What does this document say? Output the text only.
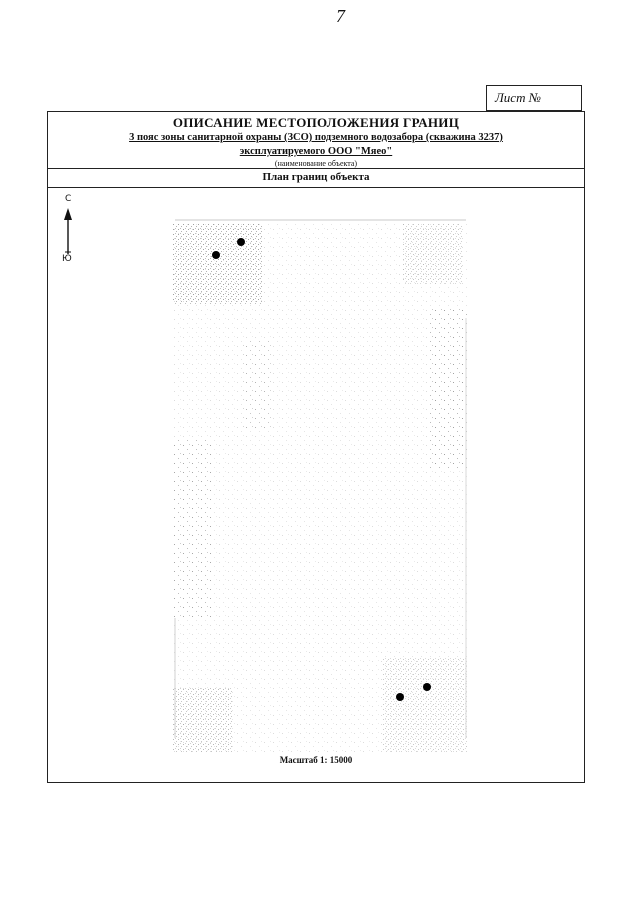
7
Лист №
ОПИСАНИЕ МЕСТОПОЛОЖЕНИЯ ГРАНИЦ
3 пояс зоны санитарной охраны (ЗСО) подземного водозабора (скважина 3237)
эксплуатируемого ООО "Мяео"
(наименование объекта)
План границ объекта
С
Ю
Масштаб 1: 15000
